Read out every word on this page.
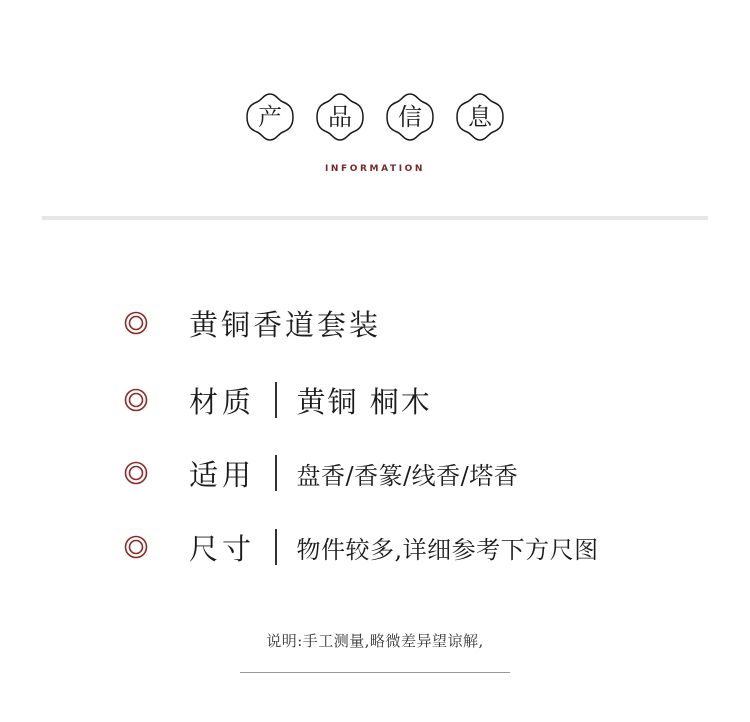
产 品 信 息
INFORMATION
黄铜香道套装
材质 黄铜 桐木
适用 盘香/香篆/线香/塔香
尺寸 物件较多,详细参考下方尺图
说明:手工测量,略微差异望谅解,
